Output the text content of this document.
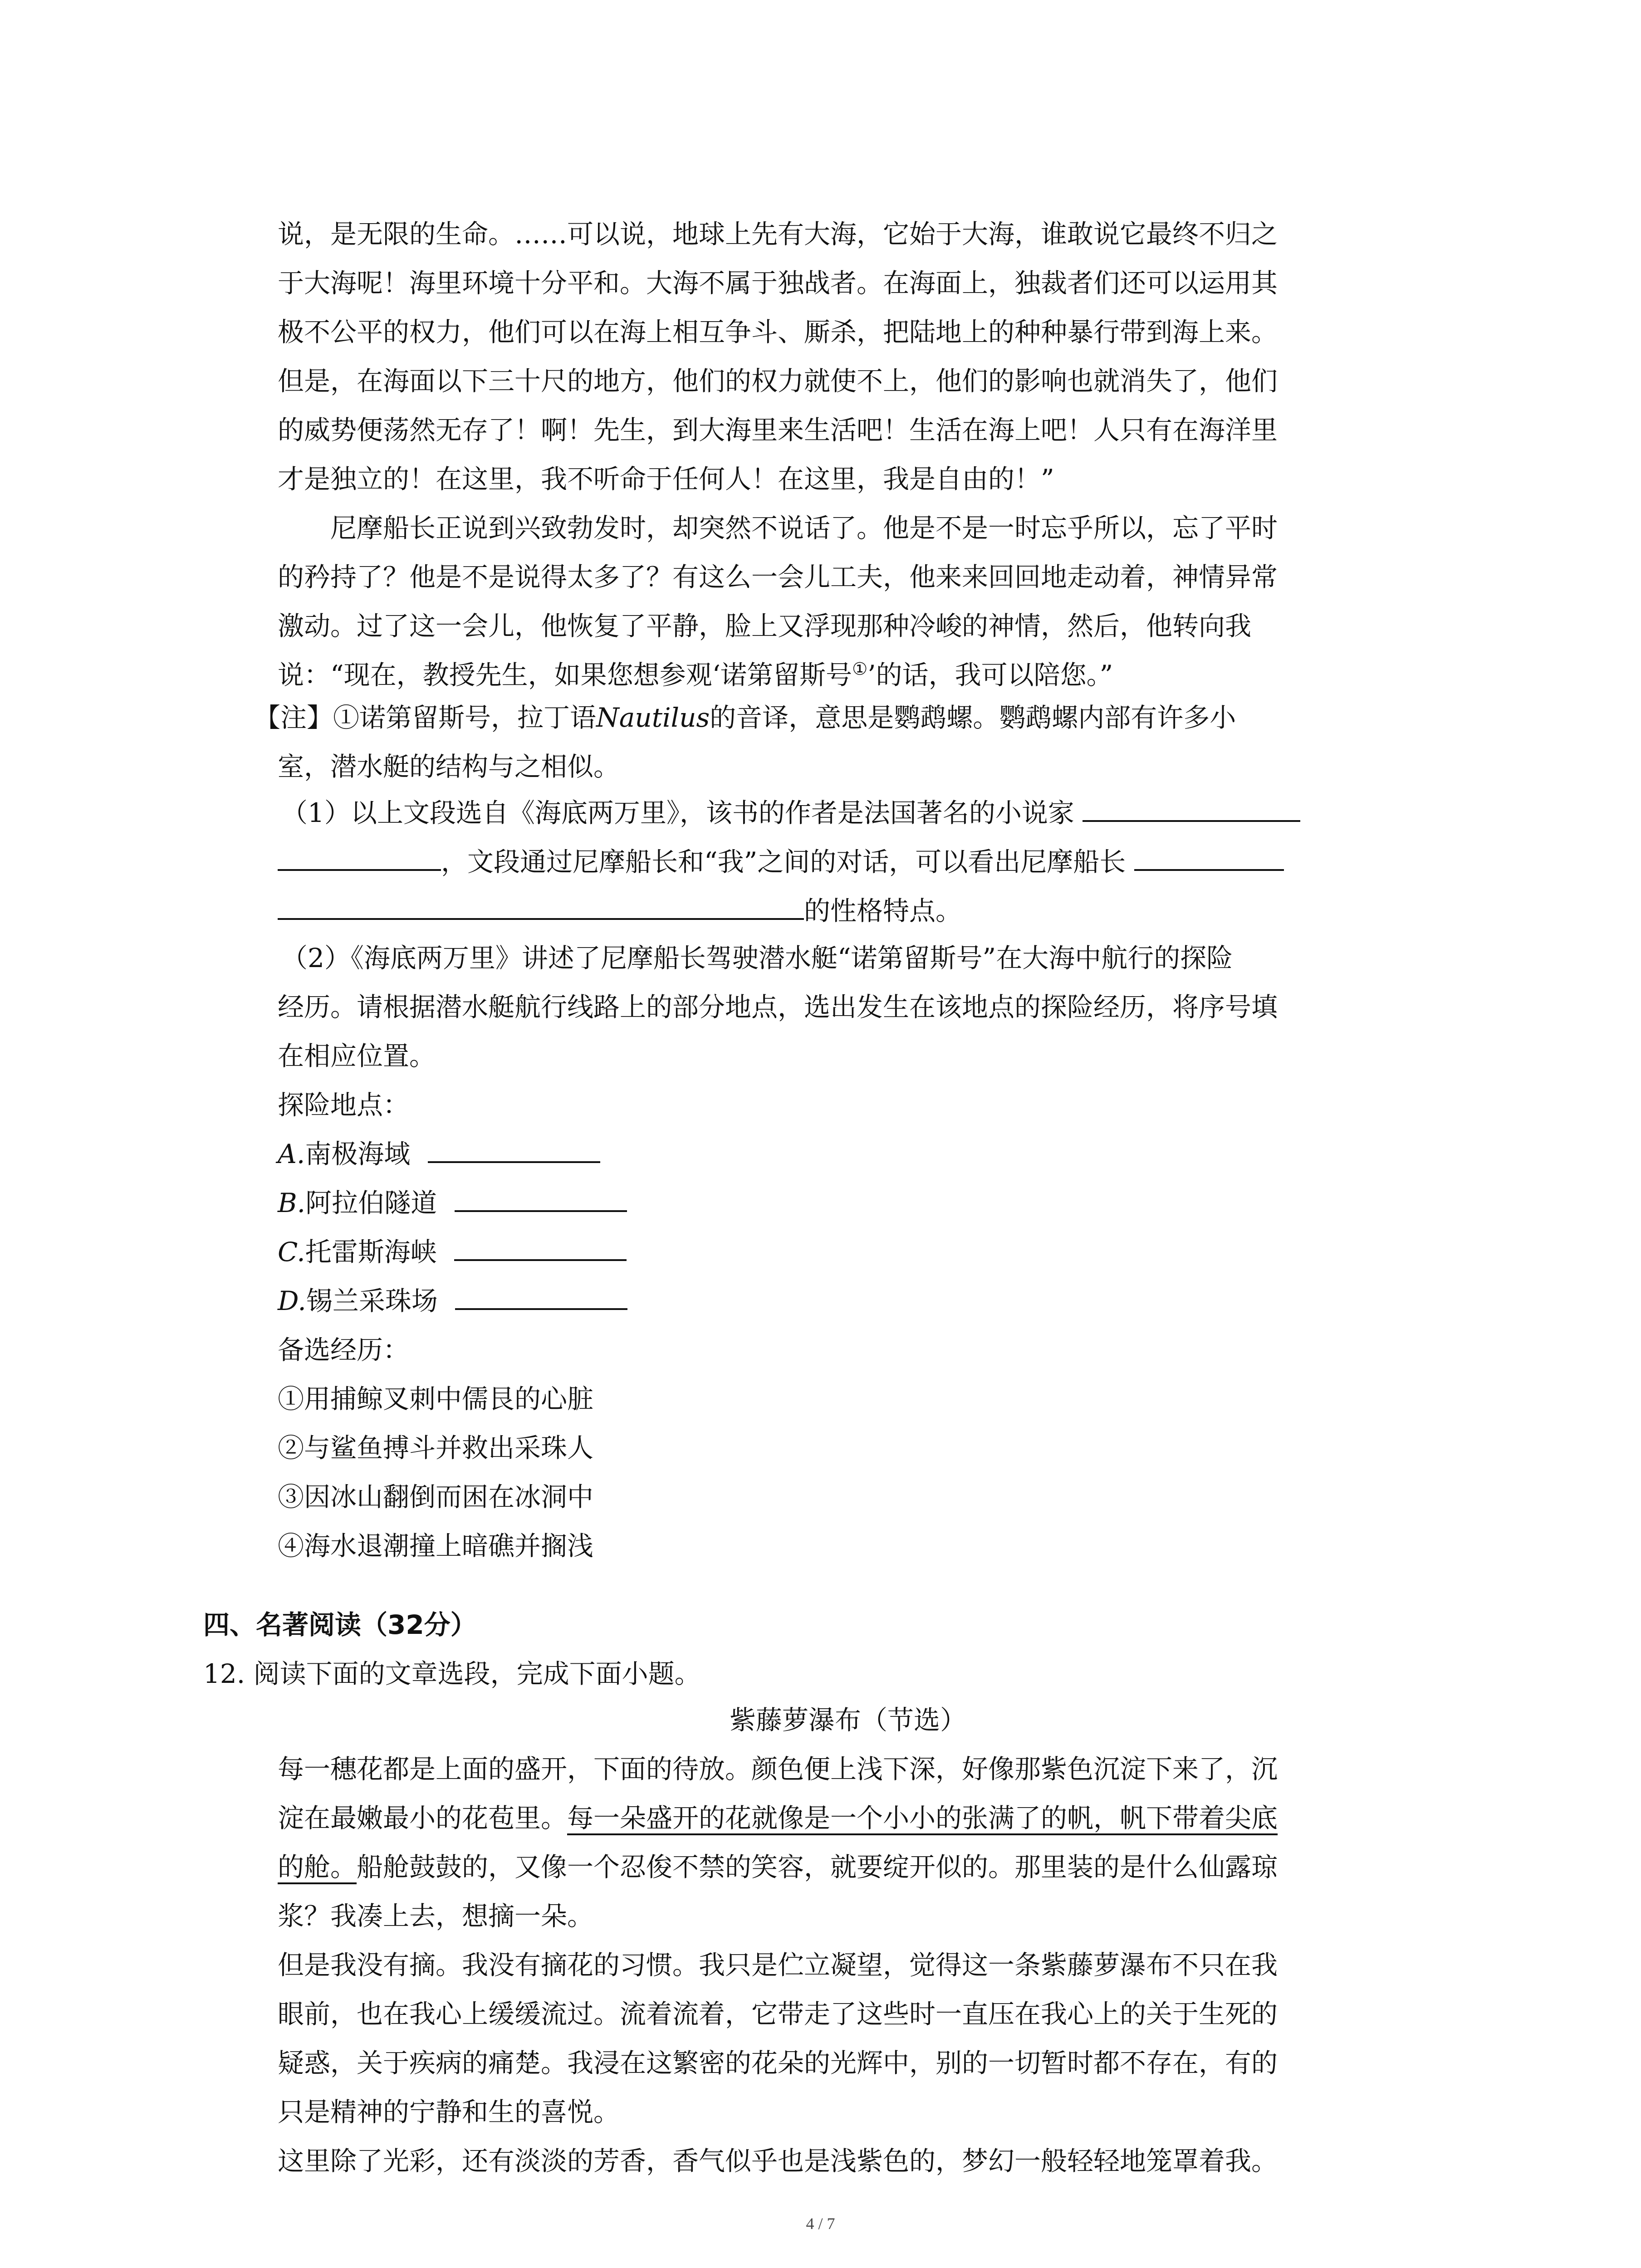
说，是无限的生命。……可以说，地球上先有大海，它始于大海，谁敢说它最终不归之

于大海呢！海里环境十分平和。大海不属于独战者。在海面上，独裁者们还可以运用其

极不公平的权力，他们可以在海上相互争斗、厮杀，把陆地上的种种暴行带到海上来。

但是，在海面以下三十尺的地方，他们的权力就使不上，他们的影响也就消失了，他们

的威势便荡然无存了！啊！先生，到大海里来生活吧！生活在海上吧！人只有在海洋里

才是独立的！在这里，我不听命于任何人！在这里，我是自由的！”

尼摩船长正说到兴致勃发时，却突然不说话了。他是不是一时忘乎所以，忘了平时

的矜持了？他是不是说得太多了？有这么一会儿工夫，他来来回回地走动着，神情异常

激动。过了这一会儿，他恢复了平静，脸上又浮现那种冷峻的神情，然后，他转向我

说：“现在，教授先生，如果您想参观‘诺第留斯号①’的话，我可以陪您。”

【注】①诺第留斯号，拉丁语Nautilus的音译，意思是鹦鹉螺。鹦鹉螺内部有许多小

室，潜水艇的结构与之相似。

（1）以上文段选自《海底两万里》，该书的作者是法国著名的小说家

，文段通过尼摩船长和“我”之间的对话，可以看出尼摩船长

的性格特点。

（2）《海底两万里》讲述了尼摩船长驾驶潜水艇“诺第留斯号”在大海中航行的探险

经历。请根据潜水艇航行线路上的部分地点，选出发生在该地点的探险经历，将序号填

在相应位置。

探险地点：

A.南极海域

B.阿拉伯隧道

C.托雷斯海峡

D.锡兰采珠场

备选经历：

①用捕鲸叉刺中儒艮的心脏

②与鲨鱼搏斗并救出采珠人

③因冰山翻倒而困在冰洞中

④海水退潮撞上暗礁并搁浅

四、名著阅读（32分）

12. 阅读下面的文章选段，完成下面小题。

紫藤萝瀑布（节选）

每一穗花都是上面的盛开，下面的待放。颜色便上浅下深，好像那紫色沉淀下来了，沉

淀在最嫩最小的花苞里。每一朵盛开的花就像是一个小小的张满了的帆，帆下带着尖底

的舱。船舱鼓鼓的，又像一个忍俊不禁的笑容，就要绽开似的。那里装的是什么仙露琼

浆？我凑上去，想摘一朵。

但是我没有摘。我没有摘花的习惯。我只是伫立凝望，觉得这一条紫藤萝瀑布不只在我

眼前，也在我心上缓缓流过。流着流着，它带走了这些时一直压在我心上的关于生死的

疑惑，关于疾病的痛楚。我浸在这繁密的花朵的光辉中，别的一切暂时都不存在，有的

只是精神的宁静和生的喜悦。

这里除了光彩，还有淡淡的芳香，香气似乎也是浅紫色的，梦幻一般轻轻地笼罩着我。

4 / 7
